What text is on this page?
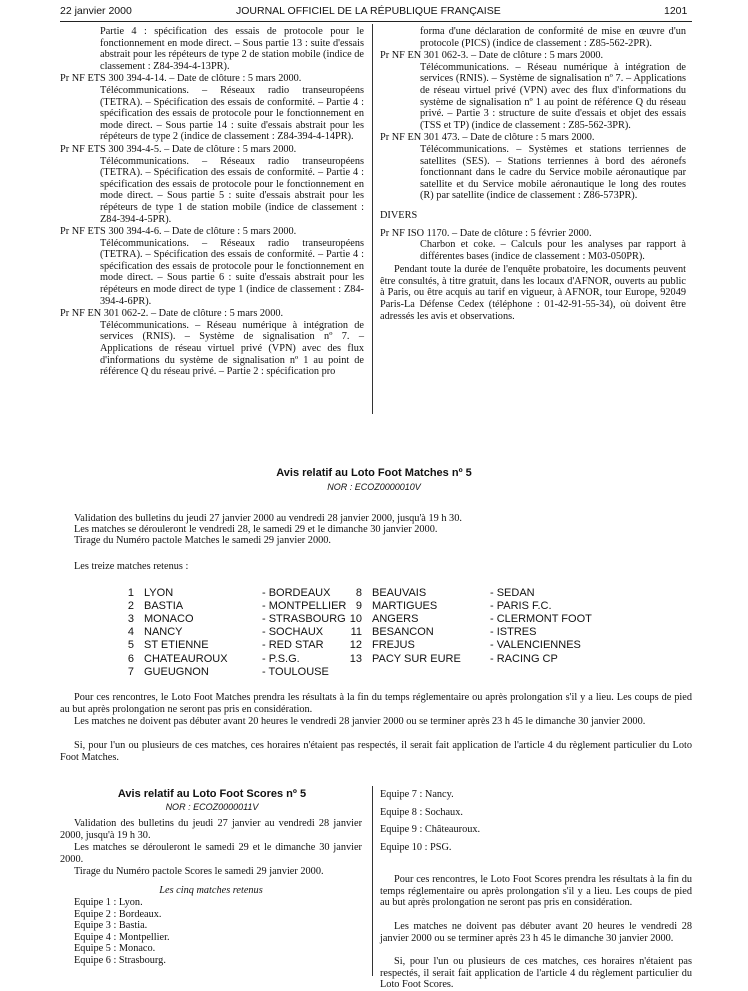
22 janvier 2000	JOURNAL OFFICIEL DE LA RÉPUBLIQUE FRANÇAISE	1201

Partie 4 : spécification des essais de protocole pour le fonctionnement en mode direct. – Sous partie 13 : suite d'essais abstrait pour les répéteurs de type 2 de station mobile (indice de classement : Z84-394-4-13PR).

Pr NF ETS 300 394-4-14. – Date de clôture : 5 mars 2000.

Télécommunications. – Réseaux radio transeuropéens (TETRA). – Spécification des essais de conformité. – Partie 4 : spécification des essais de protocole pour le fonctionnement en mode direct. – Sous partie 14 : suite d'essais abstrait pour les répéteurs de type 2 (indice de classement : Z84-394-4-14PR).

Pr NF ETS 300 394-4-5. – Date de clôture : 5 mars 2000.

Télécommunications. – Réseaux radio transeuropéens (TETRA). – Spécification des essais de conformité. – Partie 4 : spécification des essais de protocole pour le fonctionnement en mode direct. – Sous partie 5 : suite d'essais abstrait pour les répéteurs de type 1 de station mobile (indice de classement : Z84-394-4-5PR).

Pr NF ETS 300 394-4-6. – Date de clôture : 5 mars 2000.

Télécommunications. – Réseaux radio transeuropéens (TETRA). – Spécification des essais de conformité. – Partie 4 : spécification des essais de protocole pour le fonctionnement en mode direct. – Sous partie 6 : suite d'essais abstrait pour les répéteurs en mode direct de type 1 (indice de classement : Z84-394-4-6PR).

Pr NF EN 301 062-2. – Date de clôture : 5 mars 2000.

Télécommunications. – Réseau numérique à intégration de services (RNIS). – Système de signalisation nº 7. – Applications de réseau virtuel privé (VPN) avec des flux d'informations du système de signalisation nº 1 au point de référence Q du réseau privé. – Partie 2 : spécification pro

forma d'une déclaration de conformité de mise en œuvre d'un protocole (PICS) (indice de classement : Z85-562-2PR).

Pr NF EN 301 062-3. – Date de clôture : 5 mars 2000.

Télécommunications. – Réseau numérique à intégration de services (RNIS). – Système de signalisation nº 7. – Applications de réseau virtuel privé (VPN) avec des flux d'informations du système de signalisation nº 1 au point de référence Q du réseau privé. – Partie 3 : structure de suite d'essais et objet des essais (TSS et TP) (indice de classement : Z85-562-3PR).

Pr NF EN 301 473. – Date de clôture : 5 mars 2000.

Télécommunications. – Systèmes et stations terriennes de satellites (SES). – Stations terriennes à bord des aéronefs fonctionnant dans le cadre du Service mobile aéronautique par satellite et du Service mobile aéronautique le long des routes (R) par satellite (indice de classement : Z86-573PR).

DIVERS

Pr NF ISO 1170. – Date de clôture : 5 février 2000.

Charbon et coke. – Calculs pour les analyses par rapport à différentes bases (indice de classement : M03-050PR).

Pendant toute la durée de l'enquête probatoire, les documents peuvent être consultés, à titre gratuit, dans les locaux d'AFNOR, ouverts au public à Paris, ou être acquis au tarif en vigueur, à AFNOR, tour Europe, 92049 Paris-La Défense Cedex (téléphone : 01-42-91-55-34), où doivent être adressés les avis et observations.

Avis relatif au Loto Foot Matches nº 5
NOR : ECOZ0000010V
Validation des bulletins du jeudi 27 janvier 2000 au vendredi 28 janvier 2000, jusqu'à 19 h 30.
Les matches se dérouleront le vendredi 28, le samedi 29 et le dimanche 30 janvier 2000.
Tirage du Numéro pactole Matches le samedi 29 janvier 2000.
Les treize matches retenus :
1 LYON	- BORDEAUX
2 BASTIA	- MONTPELLIER
3 MONACO	- STRASBOURG
4 NANCY	- SOCHAUX
5 ST ETIENNE	- RED STAR
6 CHATEAUROUX	- P.S.G.
7 GUEUGNON	- TOULOUSE
8 BEAUVAIS	- SEDAN
9 MARTIGUES	- PARIS F.C.
10 ANGERS	- CLERMONT FOOT
11 BESANCON	- ISTRES
12 FREJUS	- VALENCIENNES
13 PACY SUR EURE	- RACING CP
Pour ces rencontres, le Loto Foot Matches prendra les résultats à la fin du temps réglementaire ou après prolongation s'il y a lieu. Les coups de pied au but après prolongation ne seront pas pris en considération.
Les matches ne doivent pas débuter avant 20 heures le vendredi 28 janvier 2000 ou se terminer après 23 h 45 le dimanche 30 janvier 2000.
Si, pour l'un ou plusieurs de ces matches, ces horaires n'étaient pas respectés, il serait fait application de l'article 4 du règlement particulier du Loto Foot Matches.
Avis relatif au Loto Foot Scores nº 5
NOR : ECOZ0000011V
Validation des bulletins du jeudi 27 janvier au vendredi 28 janvier 2000, jusqu'à 19 h 30.
Les matches se dérouleront le samedi 29 et le dimanche 30 janvier 2000.
Tirage du Numéro pactole Scores le samedi 29 janvier 2000.
Les cinq matches retenus
Equipe 1 : Lyon.
Equipe 2 : Bordeaux.
Equipe 3 : Bastia.
Equipe 4 : Montpellier.
Equipe 5 : Monaco.
Equipe 6 : Strasbourg.
Equipe 7 : Nancy.
Equipe 8 : Sochaux.
Equipe 9 : Châteauroux.
Equipe 10 : PSG.
Pour ces rencontres, le Loto Foot Scores prendra les résultats à la fin du temps réglementaire ou après prolongation s'il y a lieu. Les coups de pied au but après prolongation ne seront pas pris en considération.
Les matches ne doivent pas débuter avant 20 heures le vendredi 28 janvier 2000 ou se terminer après 23 h 45 le dimanche 30 janvier 2000.
Si, pour l'un ou plusieurs de ces matches, ces horaires n'étaient pas respectés, il serait fait application de l'article 4 du règlement particulier du Loto Foot Scores.
